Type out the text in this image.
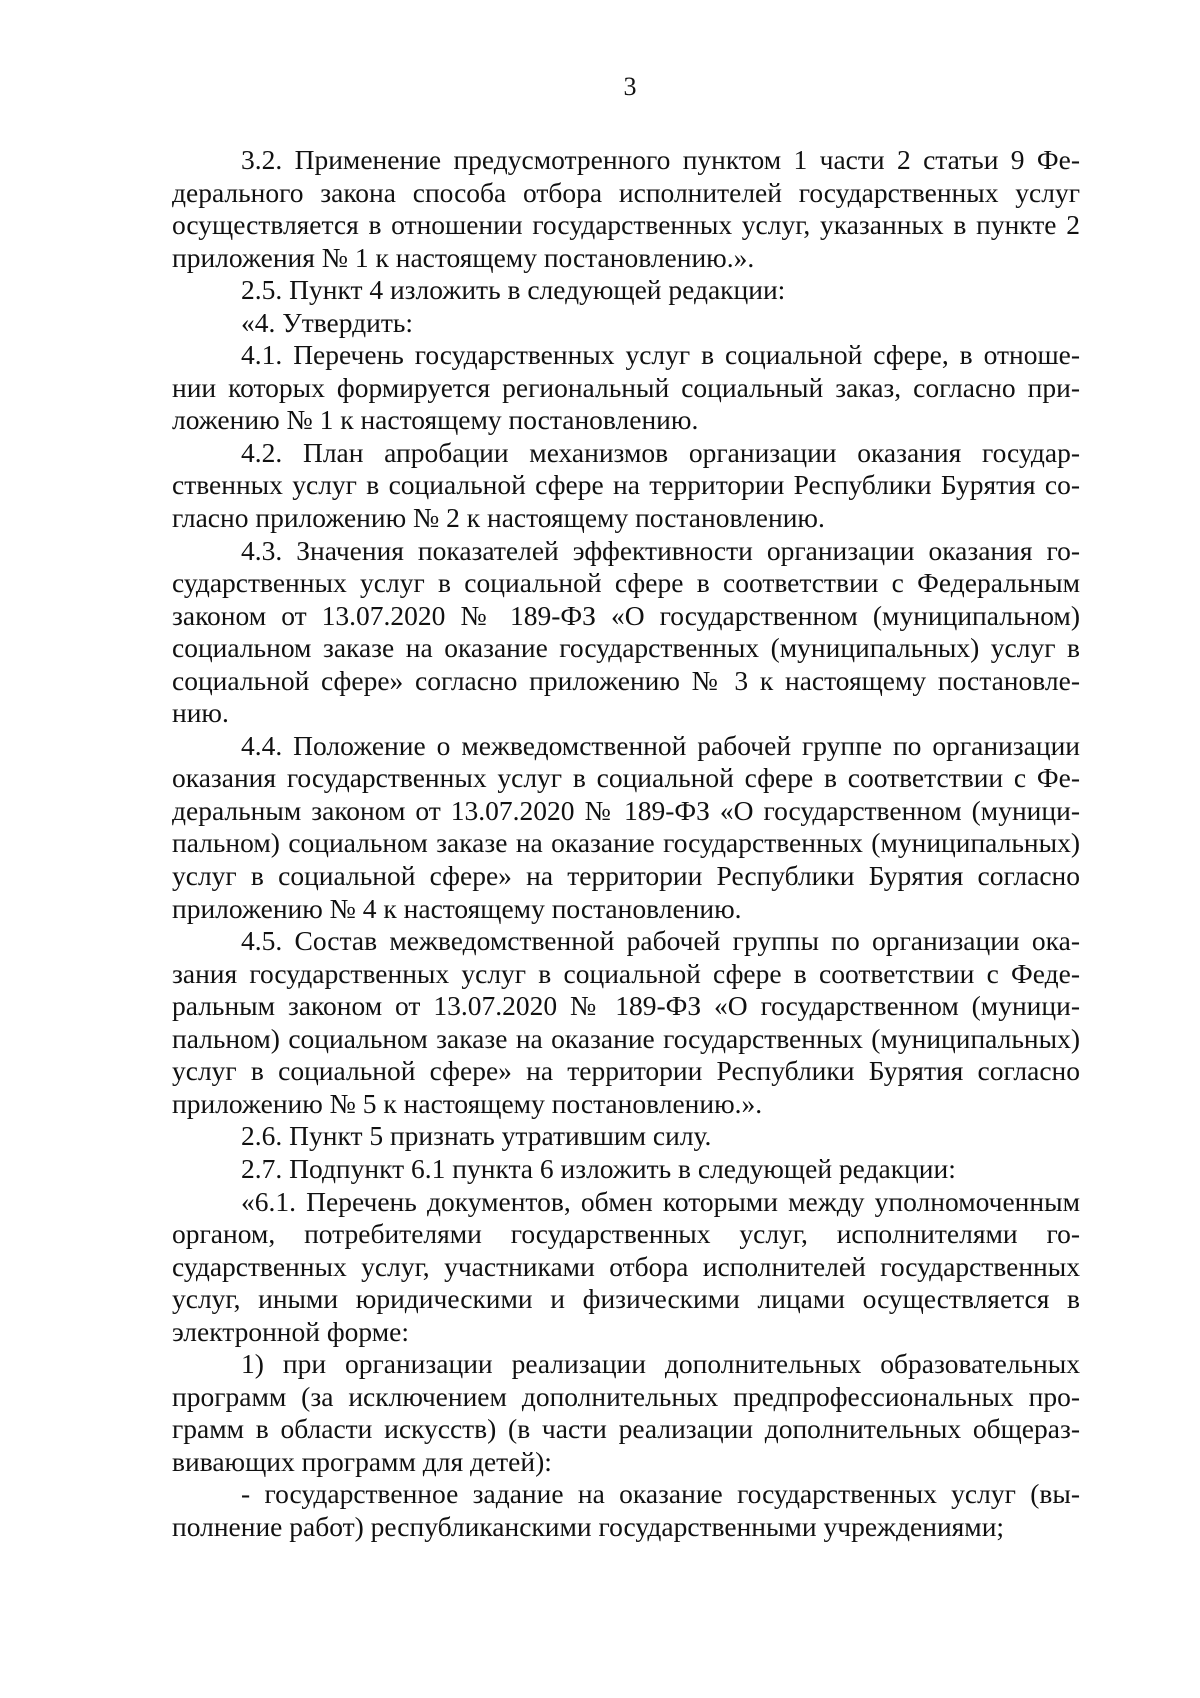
3

3.2. Применение предусмотренного пунктом 1 части 2 статьи 9 Федерального закона способа отбора исполнителей государственных услуг осуществляется в отношении государственных услуг, указанных в пункте 2 приложения № 1 к настоящему постановлению.».

2.5. Пункт 4 изложить в следующей редакции:

«4. Утвердить:

4.1. Перечень государственных услуг в социальной сфере, в отношении которых формируется региональный социальный заказ, согласно приложению № 1 к настоящему постановлению.

4.2. План апробации механизмов организации оказания государственных услуг в социальной сфере на территории Республики Бурятия согласно приложению № 2 к настоящему постановлению.

4.3. Значения показателей эффективности организации оказания государственных услуг в социальной сфере в соответствии с Федеральным законом от 13.07.2020 № 189-ФЗ «О государственном (муниципальном) социальном заказе на оказание государственных (муниципальных) услуг в социальной сфере» согласно приложению № 3 к настоящему постановлению.

4.4. Положение о межведомственной рабочей группе по организации оказания государственных услуг в социальной сфере в соответствии с Федеральным законом от 13.07.2020 № 189-ФЗ «О государственном (муниципальном) социальном заказе на оказание государственных (муниципальных) услуг в социальной сфере» на территории Республики Бурятия согласно приложению № 4 к настоящему постановлению.

4.5. Состав межведомственной рабочей группы по организации оказания государственных услуг в социальной сфере в соответствии с Федеральным законом от 13.07.2020 № 189-ФЗ «О государственном (муниципальном) социальном заказе на оказание государственных (муниципальных) услуг в социальной сфере» на территории Республики Бурятия согласно приложению № 5 к настоящему постановлению.».

2.6. Пункт 5 признать утратившим силу.

2.7. Подпункт 6.1 пункта 6 изложить в следующей редакции:

«6.1. Перечень документов, обмен которыми между уполномоченным органом, потребителями государственных услуг, исполнителями государственных услуг, участниками отбора исполнителей государственных услуг, иными юридическими и физическими лицами осуществляется в электронной форме:

1) при организации реализации дополнительных образовательных программ (за исключением дополнительных предпрофессиональных программ в области искусств) (в части реализации дополнительных общеразвивающих программ для детей):

- государственное задание на оказание государственных услуг (выполнение работ) республиканскими государственными учреждениями;
